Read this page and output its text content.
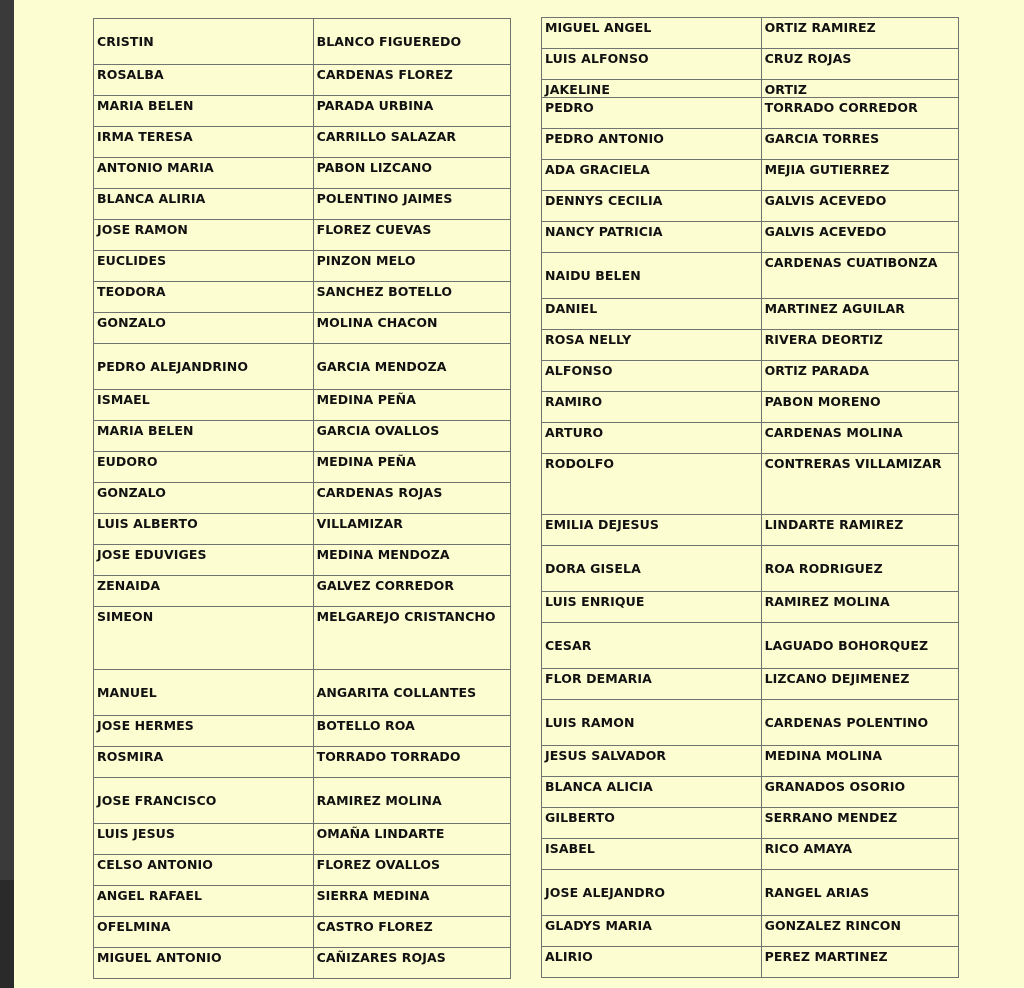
CRISTIN	BLANCO FIGUEREDO
ROSALBA	CARDENAS FLOREZ
MARIA BELEN	PARADA URBINA
IRMA TERESA	CARRILLO SALAZAR
ANTONIO MARIA	PABON LIZCANO
BLANCA ALIRIA	POLENTINO JAIMES
JOSE RAMON	FLOREZ CUEVAS
EUCLIDES	PINZON MELO
TEODORA	SANCHEZ BOTELLO
GONZALO	MOLINA CHACON
PEDRO ALEJANDRINO	GARCIA MENDOZA
ISMAEL	MEDINA PEÑA
MARIA BELEN	GARCIA OVALLOS
EUDORO	MEDINA PEÑA
GONZALO	CARDENAS ROJAS
LUIS ALBERTO	VILLAMIZAR
JOSE EDUVIGES	MEDINA MENDOZA
ZENAIDA	GALVEZ CORREDOR
SIMEON	MELGAREJO CRISTANCHO
MANUEL	ANGARITA COLLANTES
JOSE HERMES	BOTELLO ROA
ROSMIRA	TORRADO TORRADO
JOSE FRANCISCO	RAMIREZ MOLINA
LUIS JESUS	OMAÑA LINDARTE
CELSO ANTONIO	FLOREZ OVALLOS
ANGEL RAFAEL	SIERRA MEDINA
OFELMINA	CASTRO FLOREZ
MIGUEL ANTONIO	CAÑIZARES ROJAS
MIGUEL ANGEL	ORTIZ RAMIREZ
LUIS ALFONSO	CRUZ ROJAS
JAKELINE	ORTIZ
PEDRO	TORRADO CORREDOR
PEDRO ANTONIO	GARCIA TORRES
ADA GRACIELA	MEJIA GUTIERREZ
DENNYS CECILIA	GALVIS ACEVEDO
NANCY PATRICIA	GALVIS ACEVEDO
NAIDU BELEN	CARDENAS CUATIBONZA
DANIEL	MARTINEZ AGUILAR
ROSA NELLY	RIVERA DEORTIZ
ALFONSO	ORTIZ PARADA
RAMIRO	PABON MORENO
ARTURO	CARDENAS MOLINA
RODOLFO	CONTRERAS VILLAMIZAR
EMILIA DEJESUS	LINDARTE RAMIREZ
DORA GISELA	ROA RODRIGUEZ
LUIS ENRIQUE	RAMIREZ MOLINA
CESAR	LAGUADO BOHORQUEZ
FLOR DEMARIA	LIZCANO DEJIMENEZ
LUIS RAMON	CARDENAS POLENTINO
JESUS SALVADOR	MEDINA MOLINA
BLANCA ALICIA	GRANADOS OSORIO
GILBERTO	SERRANO MENDEZ
ISABEL	RICO AMAYA
JOSE ALEJANDRO	RANGEL ARIAS
GLADYS MARIA	GONZALEZ RINCON
ALIRIO	PEREZ MARTINEZ
